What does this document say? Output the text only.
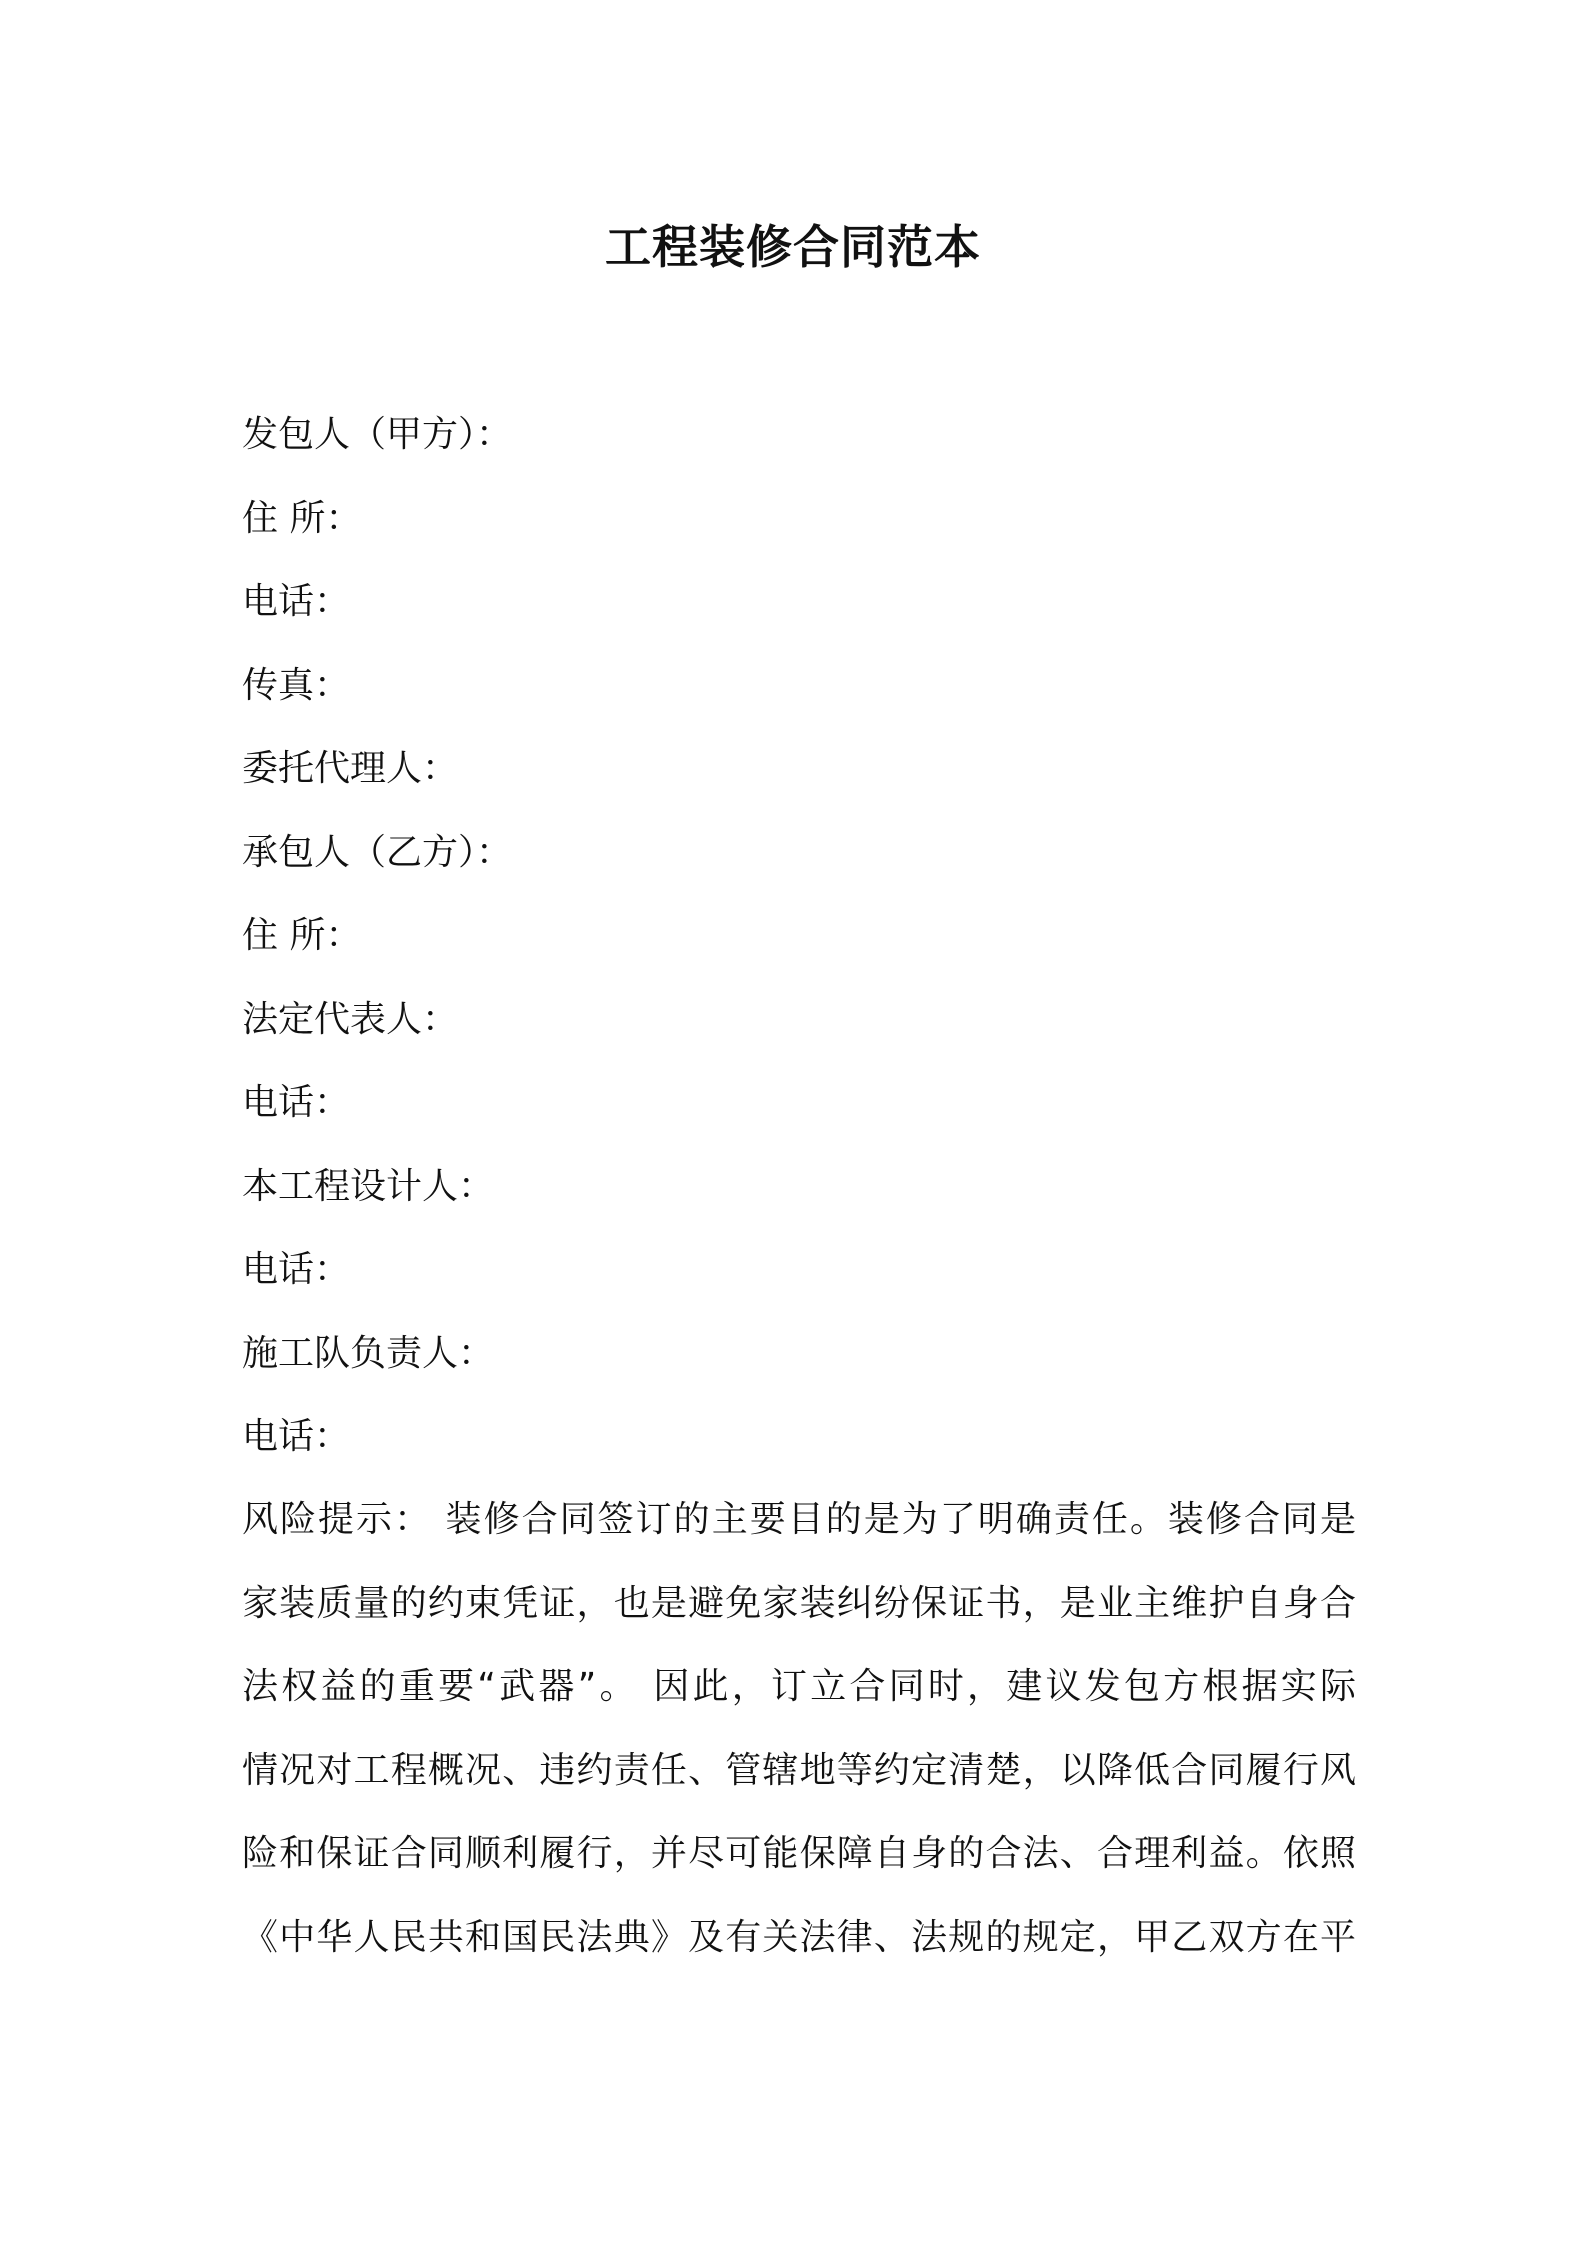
工程装修合同范本
发包人（甲方）：
住 所：
电话：
传真：
委托代理人：
承包人（乙方）：
住 所：
法定代表人：
电话：
本工程设计人：
电话：
施工队负责人：
电话：

风险提示： 装修合同签订的主要目的是为了明确责任。装修合同是
家装质量的约束凭证，也是避免家装纠纷保证书，是业主维护自身合
法权益的重要“武器”。 因此，订立合同时，建议发包方根据实际
情况对工程概况、违约责任、管辖地等约定清楚，以降低合同履行风
险和保证合同顺利履行，并尽可能保障自身的合法、合理利益。依照
《中华人民共和国民法典》及有关法律、法规的规定，甲乙双方在平
